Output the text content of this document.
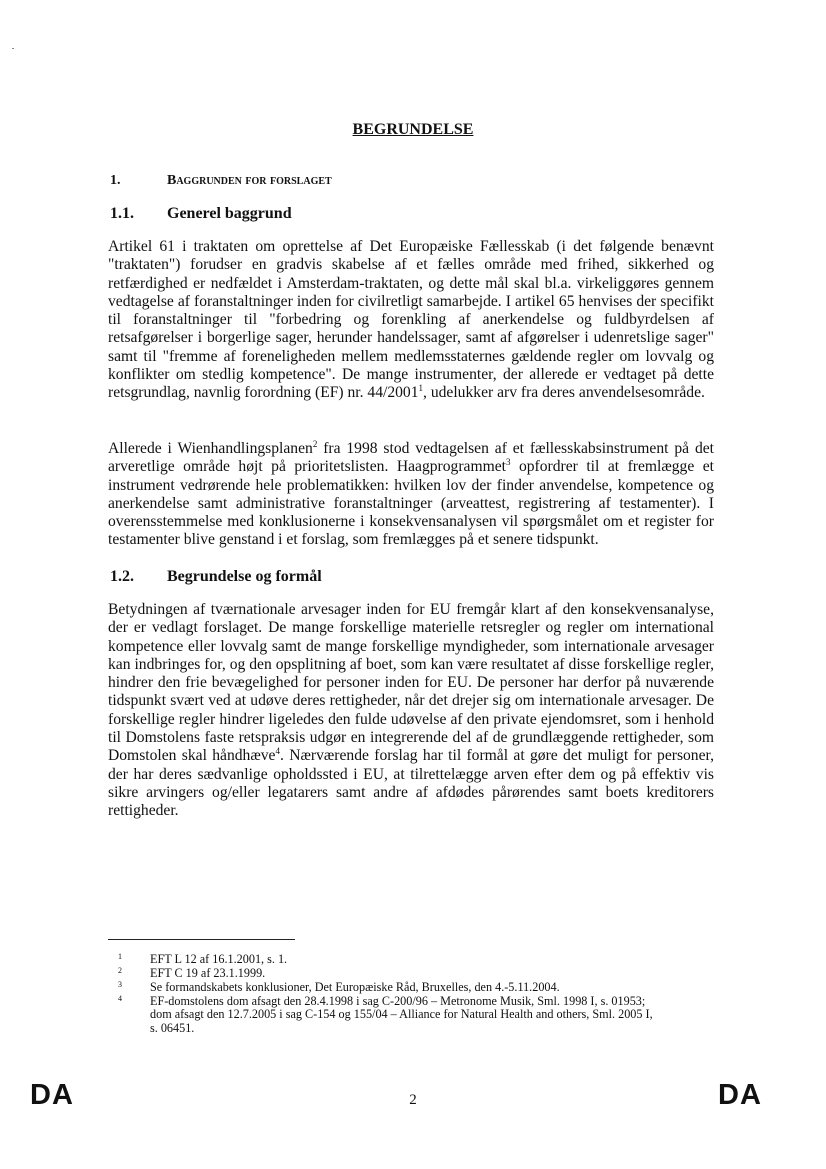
BEGRUNDELSE
1.	Baggrunden for forslaget
1.1. Generel baggrund

Artikel 61 i traktaten om oprettelse af Det Europæiske Fællesskab (i det følgende benævnt "traktaten") forudser en gradvis skabelse af et fælles område med frihed, sikkerhed og retfærdighed er nedfældet i Amsterdam-traktaten, og dette mål skal bl.a. virkeliggøres gennem vedtagelse af foranstaltninger inden for civilretligt samarbejde. I artikel 65 henvises der specifikt til foranstaltninger til "forbedring og forenkling af anerkendelse og fuldbyrdelsen af retsafgørelser i borgerlige sager, herunder handelssager, samt af afgørelser i udenretslige sager" samt til "fremme af foreneligheden mellem medlemsstaternes gældende regler om lovvalg og konflikter om stedlig kompetence". De mange instrumenter, der allerede er vedtaget på dette retsgrundlag, navnlig forordning (EF) nr. 44/2001$^1$, udelukker arv fra deres anvendelsesområde.

Allerede i Wienhandlingsplanen$^2$ fra 1998 stod vedtagelsen af et fællesskabsinstrument på det arveretlige område højt på prioritetslisten. Haagprogrammet$^3$ opfordrer til at fremlægge et instrument vedrørende hele problematikken: hvilken lov der finder anvendelse, kompetence og anerkendelse samt administrative foranstaltninger (arveattest, registrering af testamenter). I overensstemmelse med konklusionerne i konsekvensanalysen vil spørgsmålet om et register for testamenter blive genstand i et forslag, som fremlægges på et senere tidspunkt.

1.2. Begrundelse og formål

Betydningen af tværnationale arvesager inden for EU fremgår klart af den konsekvensanalyse, der er vedlagt forslaget. De mange forskellige materielle retsregler og regler om international kompetence eller lovvalg samt de mange forskellige myndigheder, som internationale arvesager kan indbringes for, og den opsplitning af boet, som kan være resultatet af disse forskellige regler, hindrer den frie bevægelighed for personer inden for EU. De personer har derfor på nuværende tidspunkt svært ved at udøve deres rettigheder, når det drejer sig om internationale arvesager. De forskellige regler hindrer ligeledes den fulde udøvelse af den private ejendomsret, som i henhold til Domstolens faste retspraksis udgør en integrerende del af de grundlæggende rettigheder, som Domstolen skal håndhæve$^4$. Nærværende forslag har til formål at gøre det muligt for personer, der har deres sædvanlige opholdssted i EU, at tilrettelægge arven efter dem og på effektiv vis sikre arvingers og/eller legatarers samt andre af afdødes pårørendes samt boets kreditorers rettigheder.

1 EFT L 12 af 16.1.2001, s. 1.
2 EFT C 19 af 23.1.1999.
3 Se formandskabets konklusioner, Det Europæiske Råd, Bruxelles, den 4.-5.11.2004.
4 EF-domstolens dom afsagt den 28.4.1998 i sag C-200/96 – Metronome Musik, Sml. 1998 I, s. 01953;
dom afsagt den 12.7.2005 i sag C-154 og 155/04 – Alliance for Natural Health and others, Sml. 2005 I,
s. 06451.
DA	2	DA
